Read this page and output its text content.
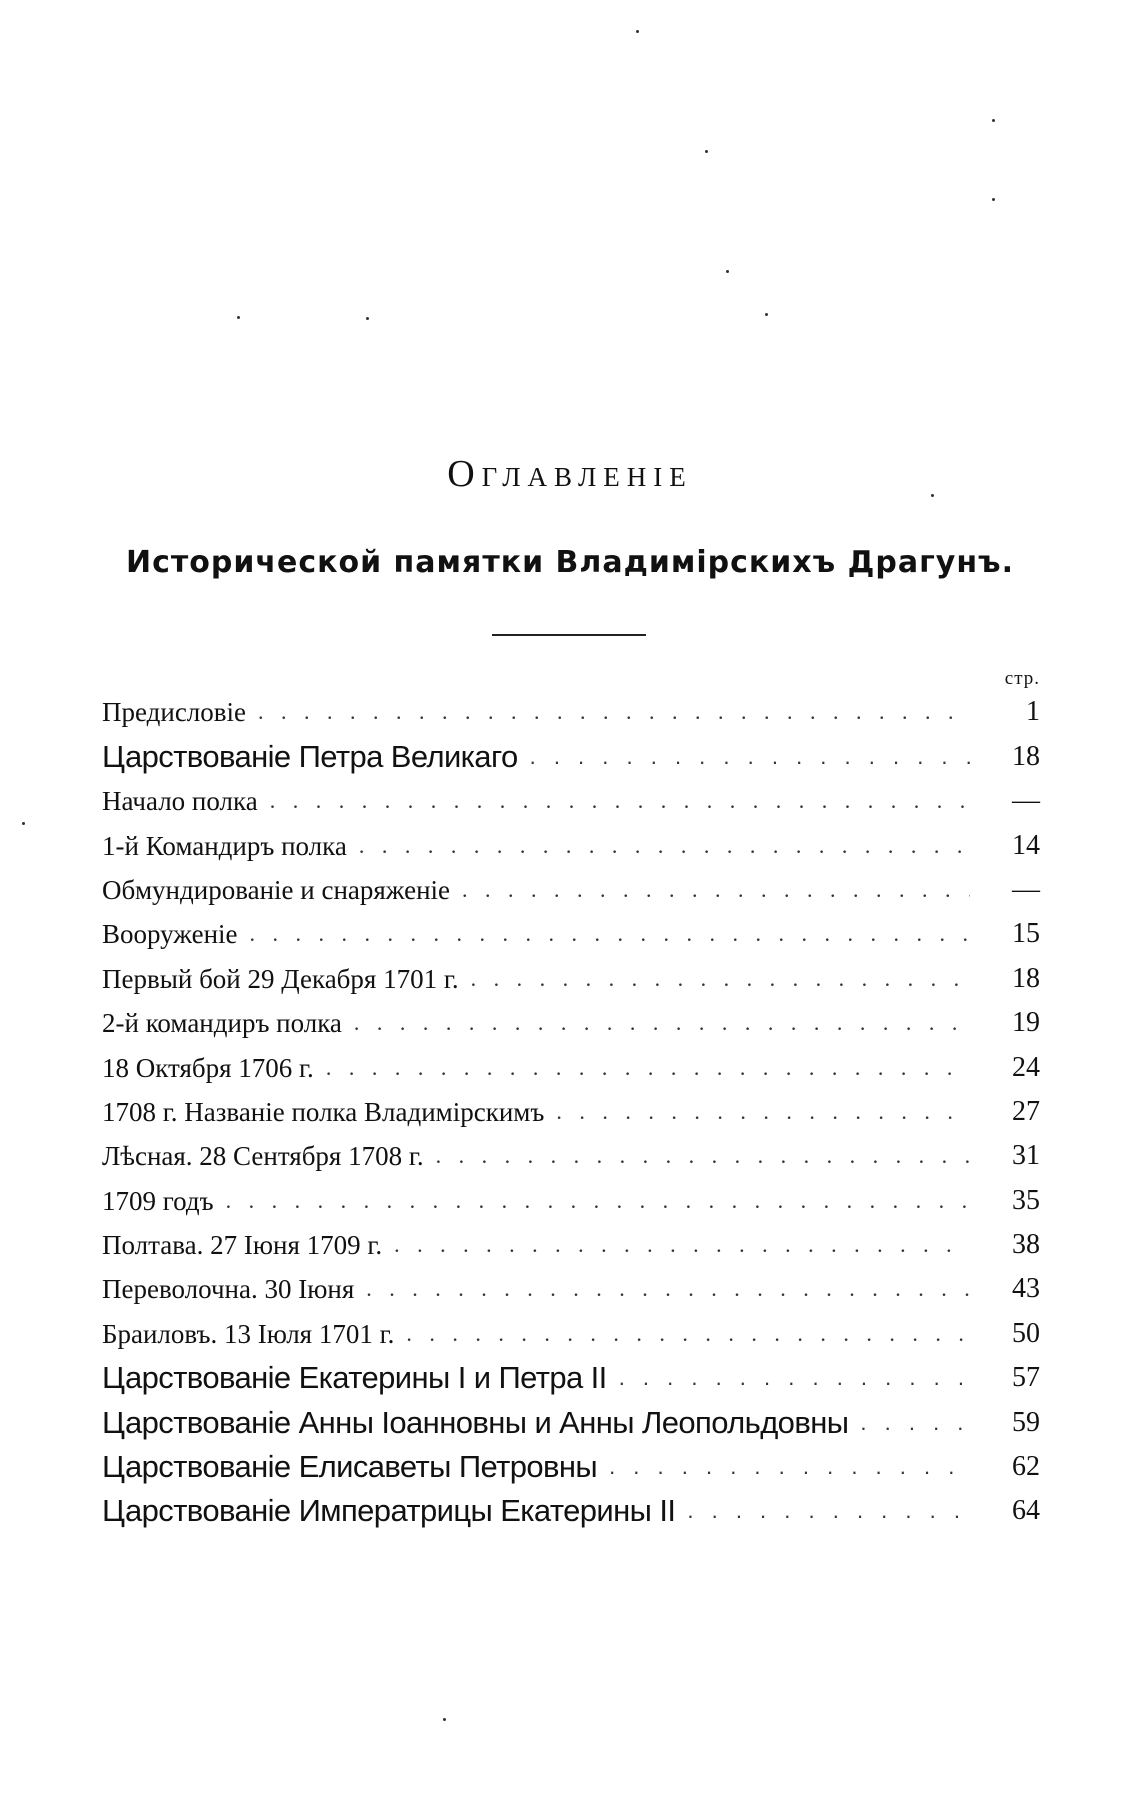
Оглавленіе
Исторической памятки Владимірскихъ Драгунъ.
стр.
Предисловіе . . .	1
Царствованіе Петра Великаго . . .	18
Начало полка . . .	—
1-й Командиръ полка . . .	14
Обмундированіе и снаряженіе . . .	—
Вооруженіе . . .	15
Первый бой 29 Декабря 1701 г. . . .	18
2-й командиръ полка . . .	19
18 Октября 1706 г. . . .	24
1708 г. Названіе полка Владимірскимъ . . .	27
Лѣсная. 28 Сентября 1708 г. . . .	31
1709 годъ . . .	35
Полтава. 27 Іюня 1709 г. . . .	38
Переволочна. 30 Іюня . . .	43
Браиловъ. 13 Іюля 1701 г. . . .	50
Царствованіе Екатерины I и Петра II . . .	57
Царствованіе Анны Іоанновны и Анны Леопольдовны . . .	59
Царствованіе Елисаветы Петровны . . .	62
Царствованіе Императрицы Екатерины II . . .	64
